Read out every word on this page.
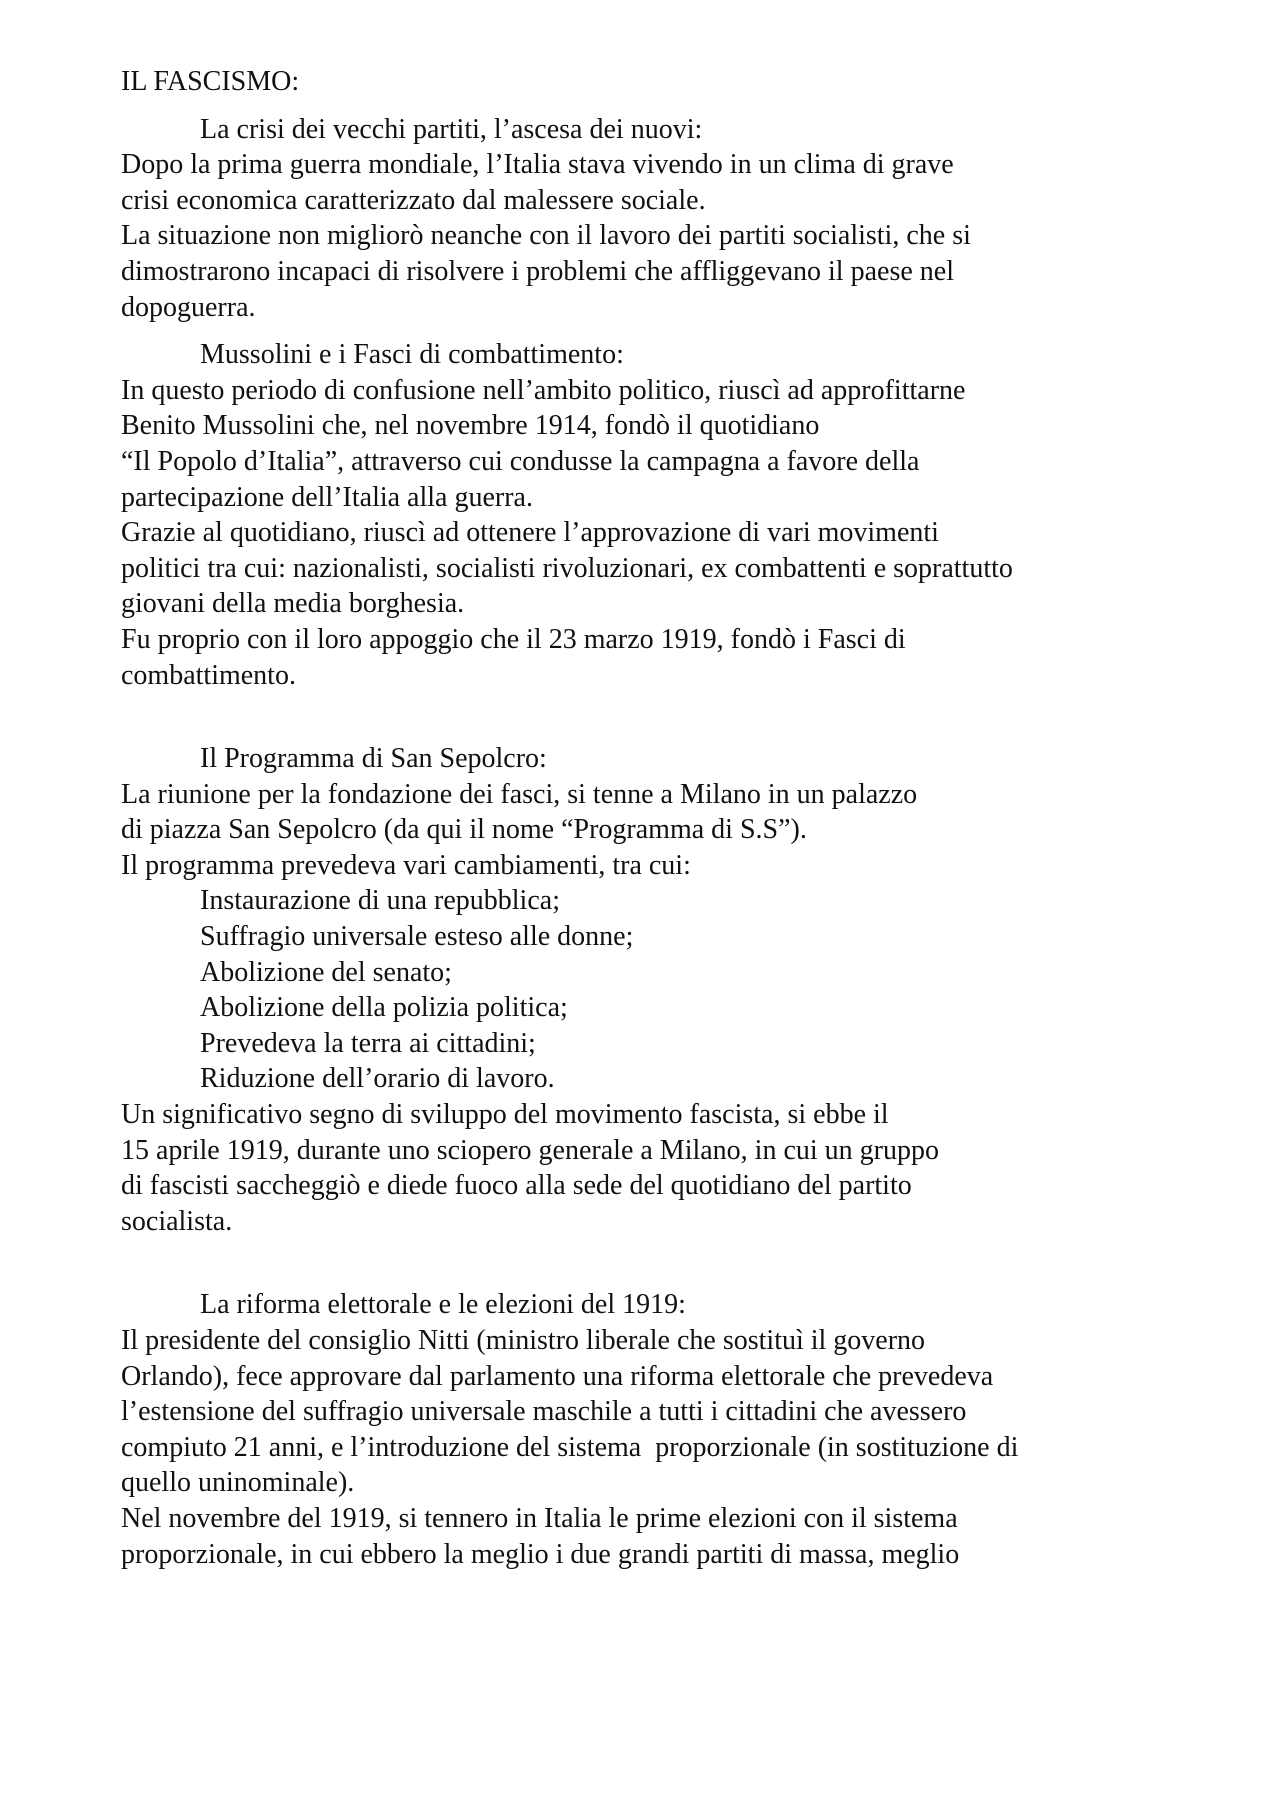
IL FASCISMO:
La crisi dei vecchi partiti, l’ascesa dei nuovi:
Dopo la prima guerra mondiale, l’Italia stava vivendo in un clima di grave
crisi economica caratterizzato dal malessere sociale.
La situazione non migliorò neanche con il lavoro dei partiti socialisti, che si
dimostrarono incapaci di risolvere i problemi che affliggevano il paese nel
dopoguerra.
Mussolini e i Fasci di combattimento:
In questo periodo di confusione nell’ambito politico, riuscì ad approfittarne
Benito Mussolini che, nel novembre 1914, fondò il quotidiano
“Il Popolo d’Italia”, attraverso cui condusse la campagna a favore della
partecipazione dell’Italia alla guerra.
Grazie al quotidiano, riuscì ad ottenere l’approvazione di vari movimenti
politici tra cui: nazionalisti, socialisti rivoluzionari, ex combattenti e soprattutto
giovani della media borghesia.
Fu proprio con il loro appoggio che il 23 marzo 1919, fondò i Fasci di
combattimento.
Il Programma di San Sepolcro:
La riunione per la fondazione dei fasci, si tenne a Milano in un palazzo
di piazza San Sepolcro (da qui il nome “Programma di S.S”).
Il programma prevedeva vari cambiamenti, tra cui:
Instaurazione di una repubblica;
Suffragio universale esteso alle donne;
Abolizione del senato;
Abolizione della polizia politica;
Prevedeva la terra ai cittadini;
Riduzione dell’orario di lavoro.
Un significativo segno di sviluppo del movimento fascista, si ebbe il
15 aprile 1919, durante uno sciopero generale a Milano, in cui un gruppo
di fascisti saccheggiò e diede fuoco alla sede del quotidiano del partito
socialista.
La riforma elettorale e le elezioni del 1919:
Il presidente del consiglio Nitti (ministro liberale che sostituì il governo
Orlando), fece approvare dal parlamento una riforma elettorale che prevedeva
l’estensione del suffragio universale maschile a tutti i cittadini che avessero
compiuto 21 anni, e l’introduzione del sistema  proporzionale (in sostituzione di
quello uninominale).
Nel novembre del 1919, si tennero in Italia le prime elezioni con il sistema
proporzionale, in cui ebbero la meglio i due grandi partiti di massa, meglio
